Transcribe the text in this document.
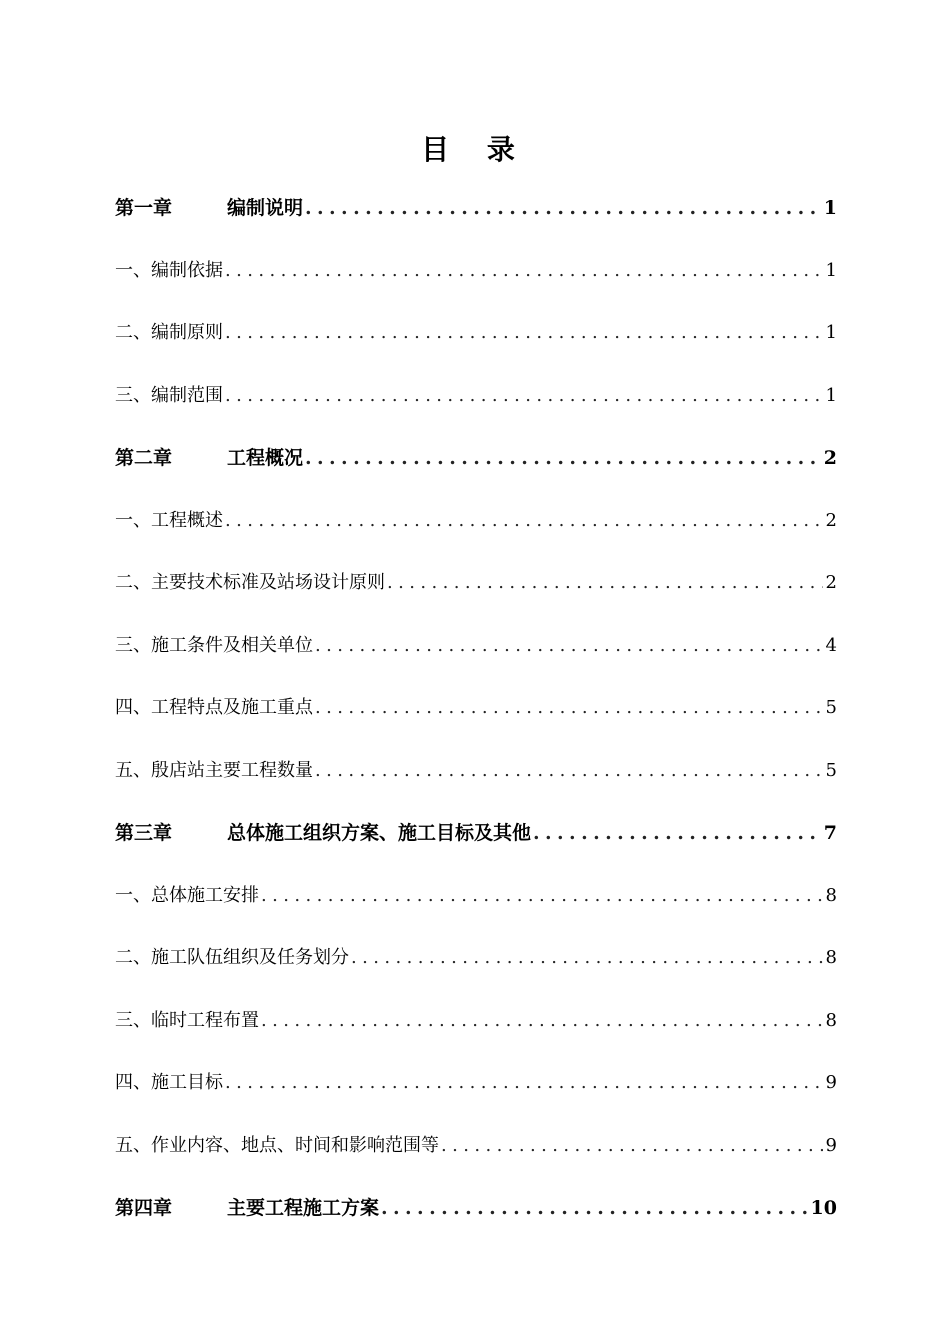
目 录
第一章	编制说明 .....	1
一、 编制依据 .....	1
二、 编制原则 .....	1
三、 编制范围 .....	1
第二章	工程概况 .....	2
一、 工程概述 .....	2
二、 主要技术标准及站场设计原则 .....	2
三、 施工条件及相关单位 .....	4
四、 工程特点及施工重点 .....	5
五、 殷店站主要工程数量 .....	5
第三章	总体施工组织方案、施工目标及其他 .....	7
一、 总体施工安排 .....	8
二、 施工队伍组织及任务划分 .....	8
三、 临时工程布置 .....	8
四、 施工目标 .....	9
五、 作业内容、地点、时间和影响范围等 .....	9
第四章	主要工程施工方案 .....	10
